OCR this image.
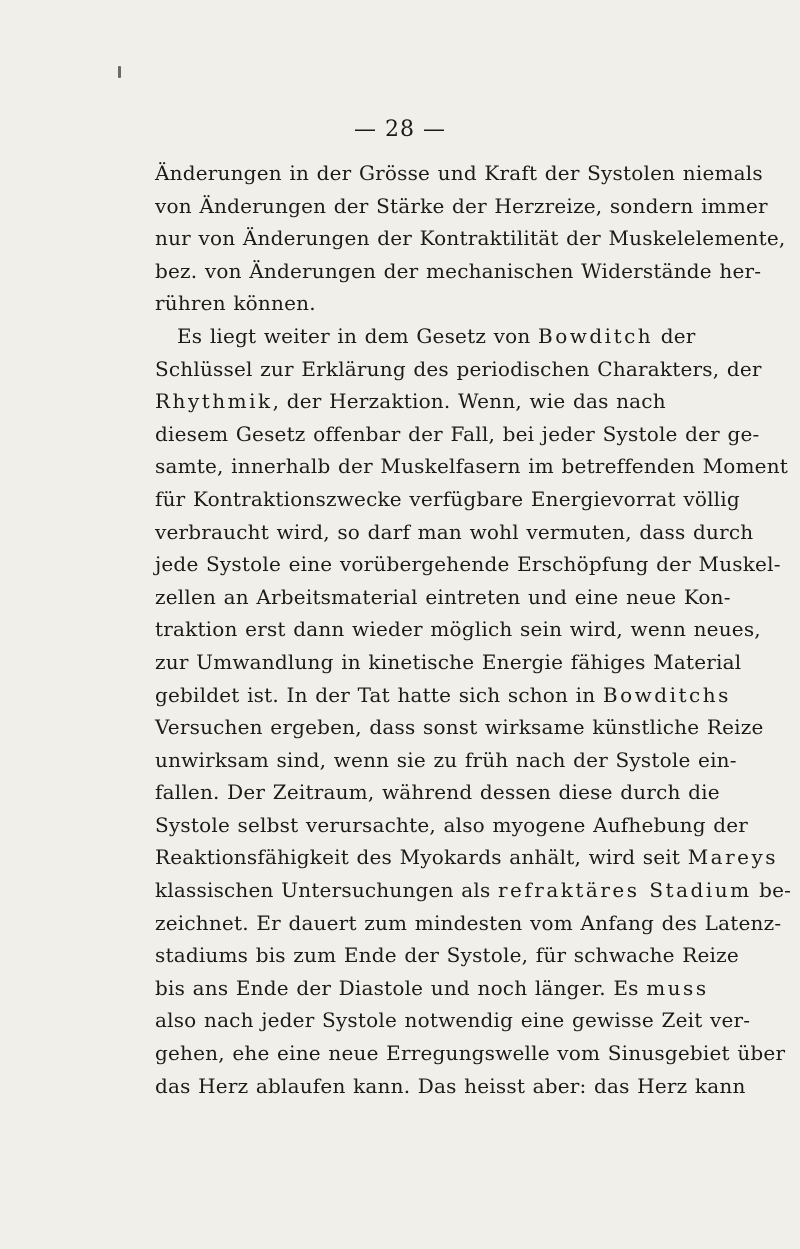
— 28 —
Änderungen in der Grösse und Kraft der Systolen niemals
von Änderungen der Stärke der Herzreize, sondern immer
nur von Änderungen der Kontraktilität der Muskelelemente,
bez. von Änderungen der mechanischen Widerstände her-
rühren können.
Es liegt weiter in dem Gesetz von Bowditch der
Schlüssel zur Erklärung des periodischen Charakters, der
Rhythmik, der Herzaktion. Wenn, wie das nach
diesem Gesetz offenbar der Fall, bei jeder Systole der ge-
samte, innerhalb der Muskelfasern im betreffenden Moment
für Kontraktionszwecke verfügbare Energievorrat völlig
verbraucht wird, so darf man wohl vermuten, dass durch
jede Systole eine vorübergehende Erschöpfung der Muskel-
zellen an Arbeitsmaterial eintreten und eine neue Kon-
traktion erst dann wieder möglich sein wird, wenn neues,
zur Umwandlung in kinetische Energie fähiges Material
gebildet ist. In der Tat hatte sich schon in Bowditchs
Versuchen ergeben, dass sonst wirksame künstliche Reize
unwirksam sind, wenn sie zu früh nach der Systole ein-
fallen. Der Zeitraum, während dessen diese durch die
Systole selbst verursachte, also myogene Aufhebung der
Reaktionsfähigkeit des Myokards anhält, wird seit Mareys
klassischen Untersuchungen als refraktäres Stadium be-
zeichnet. Er dauert zum mindesten vom Anfang des Latenz-
stadiums bis zum Ende der Systole, für schwache Reize
bis ans Ende der Diastole und noch länger. Es muss
also nach jeder Systole notwendig eine gewisse Zeit ver-
gehen, ehe eine neue Erregungswelle vom Sinusgebiet über
das Herz ablaufen kann. Das heisst aber: das Herz kann
